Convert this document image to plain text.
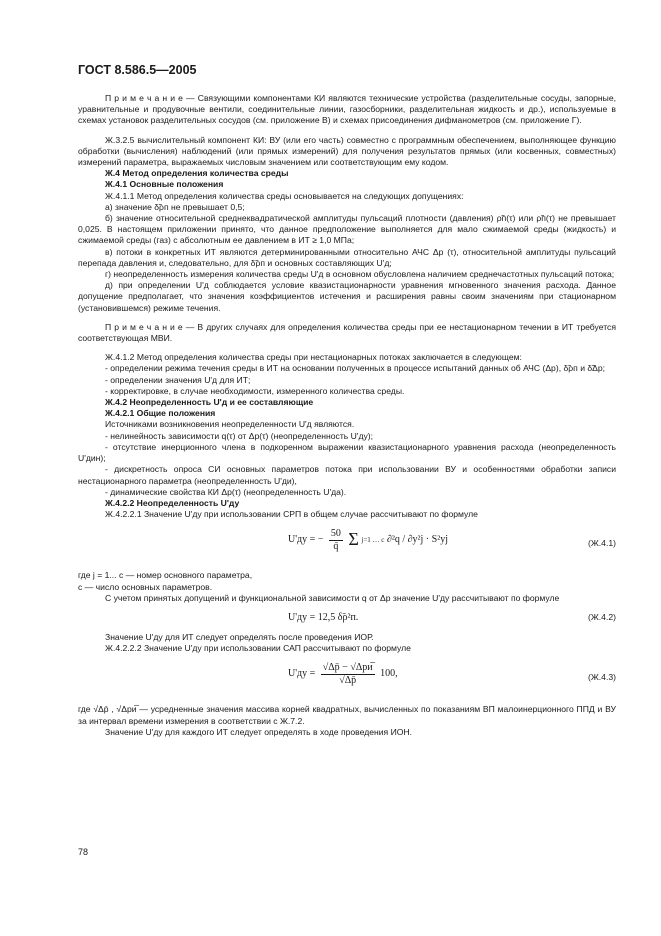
ГОСТ 8.586.5—2005

П р и м е ч а н и е — Связующими компонентами КИ являются технические устройства (разделительные сосуды, запорные, уравнительные и продувочные вентили, соединительные линии, газосборники, разделительная жидкость и др.), используемые в схемах установок разделительных сосудов (см. приложение В) и схемах присоединения дифманометров (см. приложение Г).

Ж.3.2.5 вычислительный компонент КИ: ВУ (или его часть) совместно с программным обеспечением, выполняющее функцию обработки (вычисления) наблюдений (или прямых измерений) для получения результатов прямых (или косвенных, совместных) измерений параметра, выражаемых числовым значением или соответствующим ему кодом.

Ж.4 Метод определения количества среды

Ж.4.1 Основные положения

Ж.4.1.1 Метод определения количества среды основывается на следующих допущениях:

а) значение δ̃ρп не превышает 0,5;

б) значение относительной среднеквадратической амплитуды пульсаций плотности (давления) ρ̃п(τ) или ρ̃п(τ) не превышает 0,025. В настоящем приложении принято, что данное предположение выполняется для мало сжимаемой среды (жидкость) и сжимаемой среды (газ) с абсолютным ее давлением в ИТ ≥ 1,0 МПа;

в) потоки в конкретных ИТ являются детерминированными относительно АЧС Δp (τ), относительной амплитуды пульсаций перепада давления и, следовательно, для δ̃ρп и основных составляющих U'д;

г) неопределенность измерения количества среды U'д в основном обусловлена наличием среднечастотных пульсаций потока;

д) при определении U'д соблюдается условие квазистационарности уравнения мгновенного значения расхода. Данное допущение предполагает, что значения коэффициентов истечения и расширения равны своим значениям при стационарном (установившемся) режиме течения.

П р и м е ч а н и е — В других случаях для определения количества среды при ее нестационарном течении в ИТ требуется соответствующая МВИ.

Ж.4.1.2 Метод определения количества среды при нестационарных потоках заключается в следующем:

- определении режима течения среды в ИТ на основании полученных в процессе испытаний данных об АЧС (Δp), δ̃ρп и δ̃Δp;

- определении значения U'д для ИТ;

- корректировке, в случае необходимости, измеренного количества среды.

Ж.4.2 Неопределенность U'д и ее составляющие

Ж.4.2.1 Общие положения

Источниками возникновения неопределенности U'д являются.

- нелинейность зависимости q(τ) от Δp(τ) (неопределенность U'ду);

- отсутствие инерционного члена в подкоренном выражении квазистационарного уравнения расхода (неопределенность U'дин);

- дискретность опроса СИ основных параметров потока при использовании ВУ и особенностями обработки записи нестационарного параметра (неопределенность U'ди),

- динамические свойства КИ Δp(τ) (неопределенность U'да).

Ж.4.2.2 Неопределенность U'ду

Ж.4.2.2.1 Значение U'ду при использовании СРП в общем случае рассчитывают по формуле

U'ду = − $\frac{50}{q̄}$ Σ j=1 … c ∂²q / ∂y²j · S²yj	(Ж.4.1)

где j = 1... c — номер основного параметра,

c — число основных параметров.

С учетом принятых допущений и функциональной зависимости q от Δp значение U'ду рассчитывают по формуле

U'ду = 12,5 δ̃ρ²п.	(Ж.4.2)

Значение U'ду для ИТ следует определять после проведения ИОР.

Ж.4.2.2.2 Значение U'ду при использовании САП рассчитывают по формуле

$U'ду = \frac{\text{√Δp̄ − √Δpи̅}}{√\Delta p̄} 100$,	(Ж.4.3)

где √Δp̄ , √Δpи̅ — усредненные значения массива корней квадратных, вычисленных по показаниям ВП малоинерционного ППД и ВУ за интервал времени измерения в соответствии с Ж.7.2.

Значение U'ду для каждого ИТ следует определять в ходе проведения ИОН.

78
